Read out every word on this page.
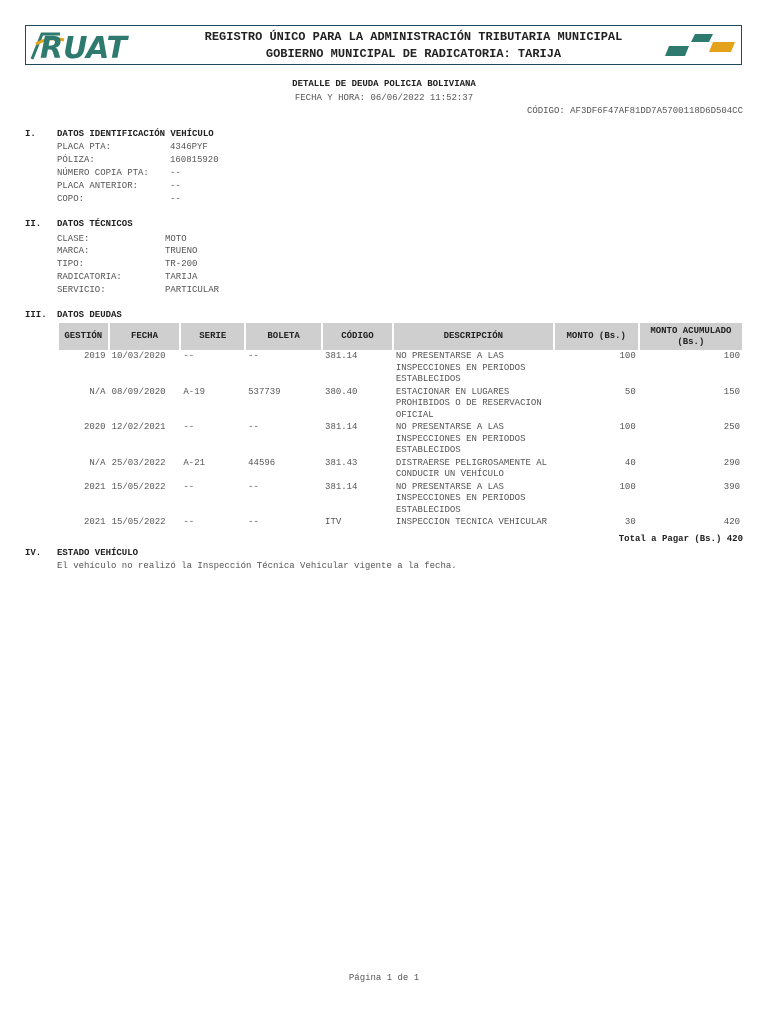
RUAT	REGISTRO ÚNICO PARA LA ADMINISTRACIÓN TRIBUTARIA MUNICIPAL
GOBIERNO MUNICIPAL DE RADICATORIA: TARIJA
DETALLE DE DEUDA POLICIA BOLIVIANA
FECHA Y HORA: 06/06/2022 11:52:37
CÓDIGO: AF3DF6F47AF81DD7A5700118D6D504CC
I. DATOS IDENTIFICACIÓN VEHÍCULO
PLACA PTA:	4346PYF
PÓLIZA:	160815920
NÚMERO COPIA PTA: --
PLACA ANTERIOR:	--
COPO:	--
II. DATOS TÉCNICOS
CLASE:	MOTO
MARCA:	TRUENO
TIPO:	TR-200
RADICATORIA:	TARIJA
SERVICIO:	PARTICULAR
III. DATOS DEUDAS
GESTIÓN	FECHA	SERIE	BOLETA	CÓDIGO	DESCRIPCIÓN	MONTO (Bs.)	MONTO ACUMULADO (Bs.)
2019	10/03/2020	--	--	381.14	NO PRESENTARSE A LAS INSPECCIONES EN PERIODOS ESTABLECIDOS	100	100
N/A	08/09/2020	A-19	537739	380.40	ESTACIONAR EN LUGARES PROHIBIDOS O DE RESERVACION OFICIAL	50	150
2020	12/02/2021	--	--	381.14	NO PRESENTARSE A LAS INSPECCIONES EN PERIODOS ESTABLECIDOS	100	250
N/A	25/03/2022	A-21	44596	381.43	DISTRAERSE PELIGROSAMENTE AL CONDUCIR UN VEHÍCULO	40	290
2021	15/05/2022	--	--	381.14	NO PRESENTARSE A LAS INSPECCIONES EN PERIODOS ESTABLECIDOS	100	390
2021	15/05/2022	--	--	ITV	INSPECCION TECNICA VEHICULAR	30	420
Total a Pagar (Bs.) 420
IV. ESTADO VEHÍCULO
El vehículo no realizó la Inspección Técnica Vehicular vigente a la fecha.
Página 1 de 1
